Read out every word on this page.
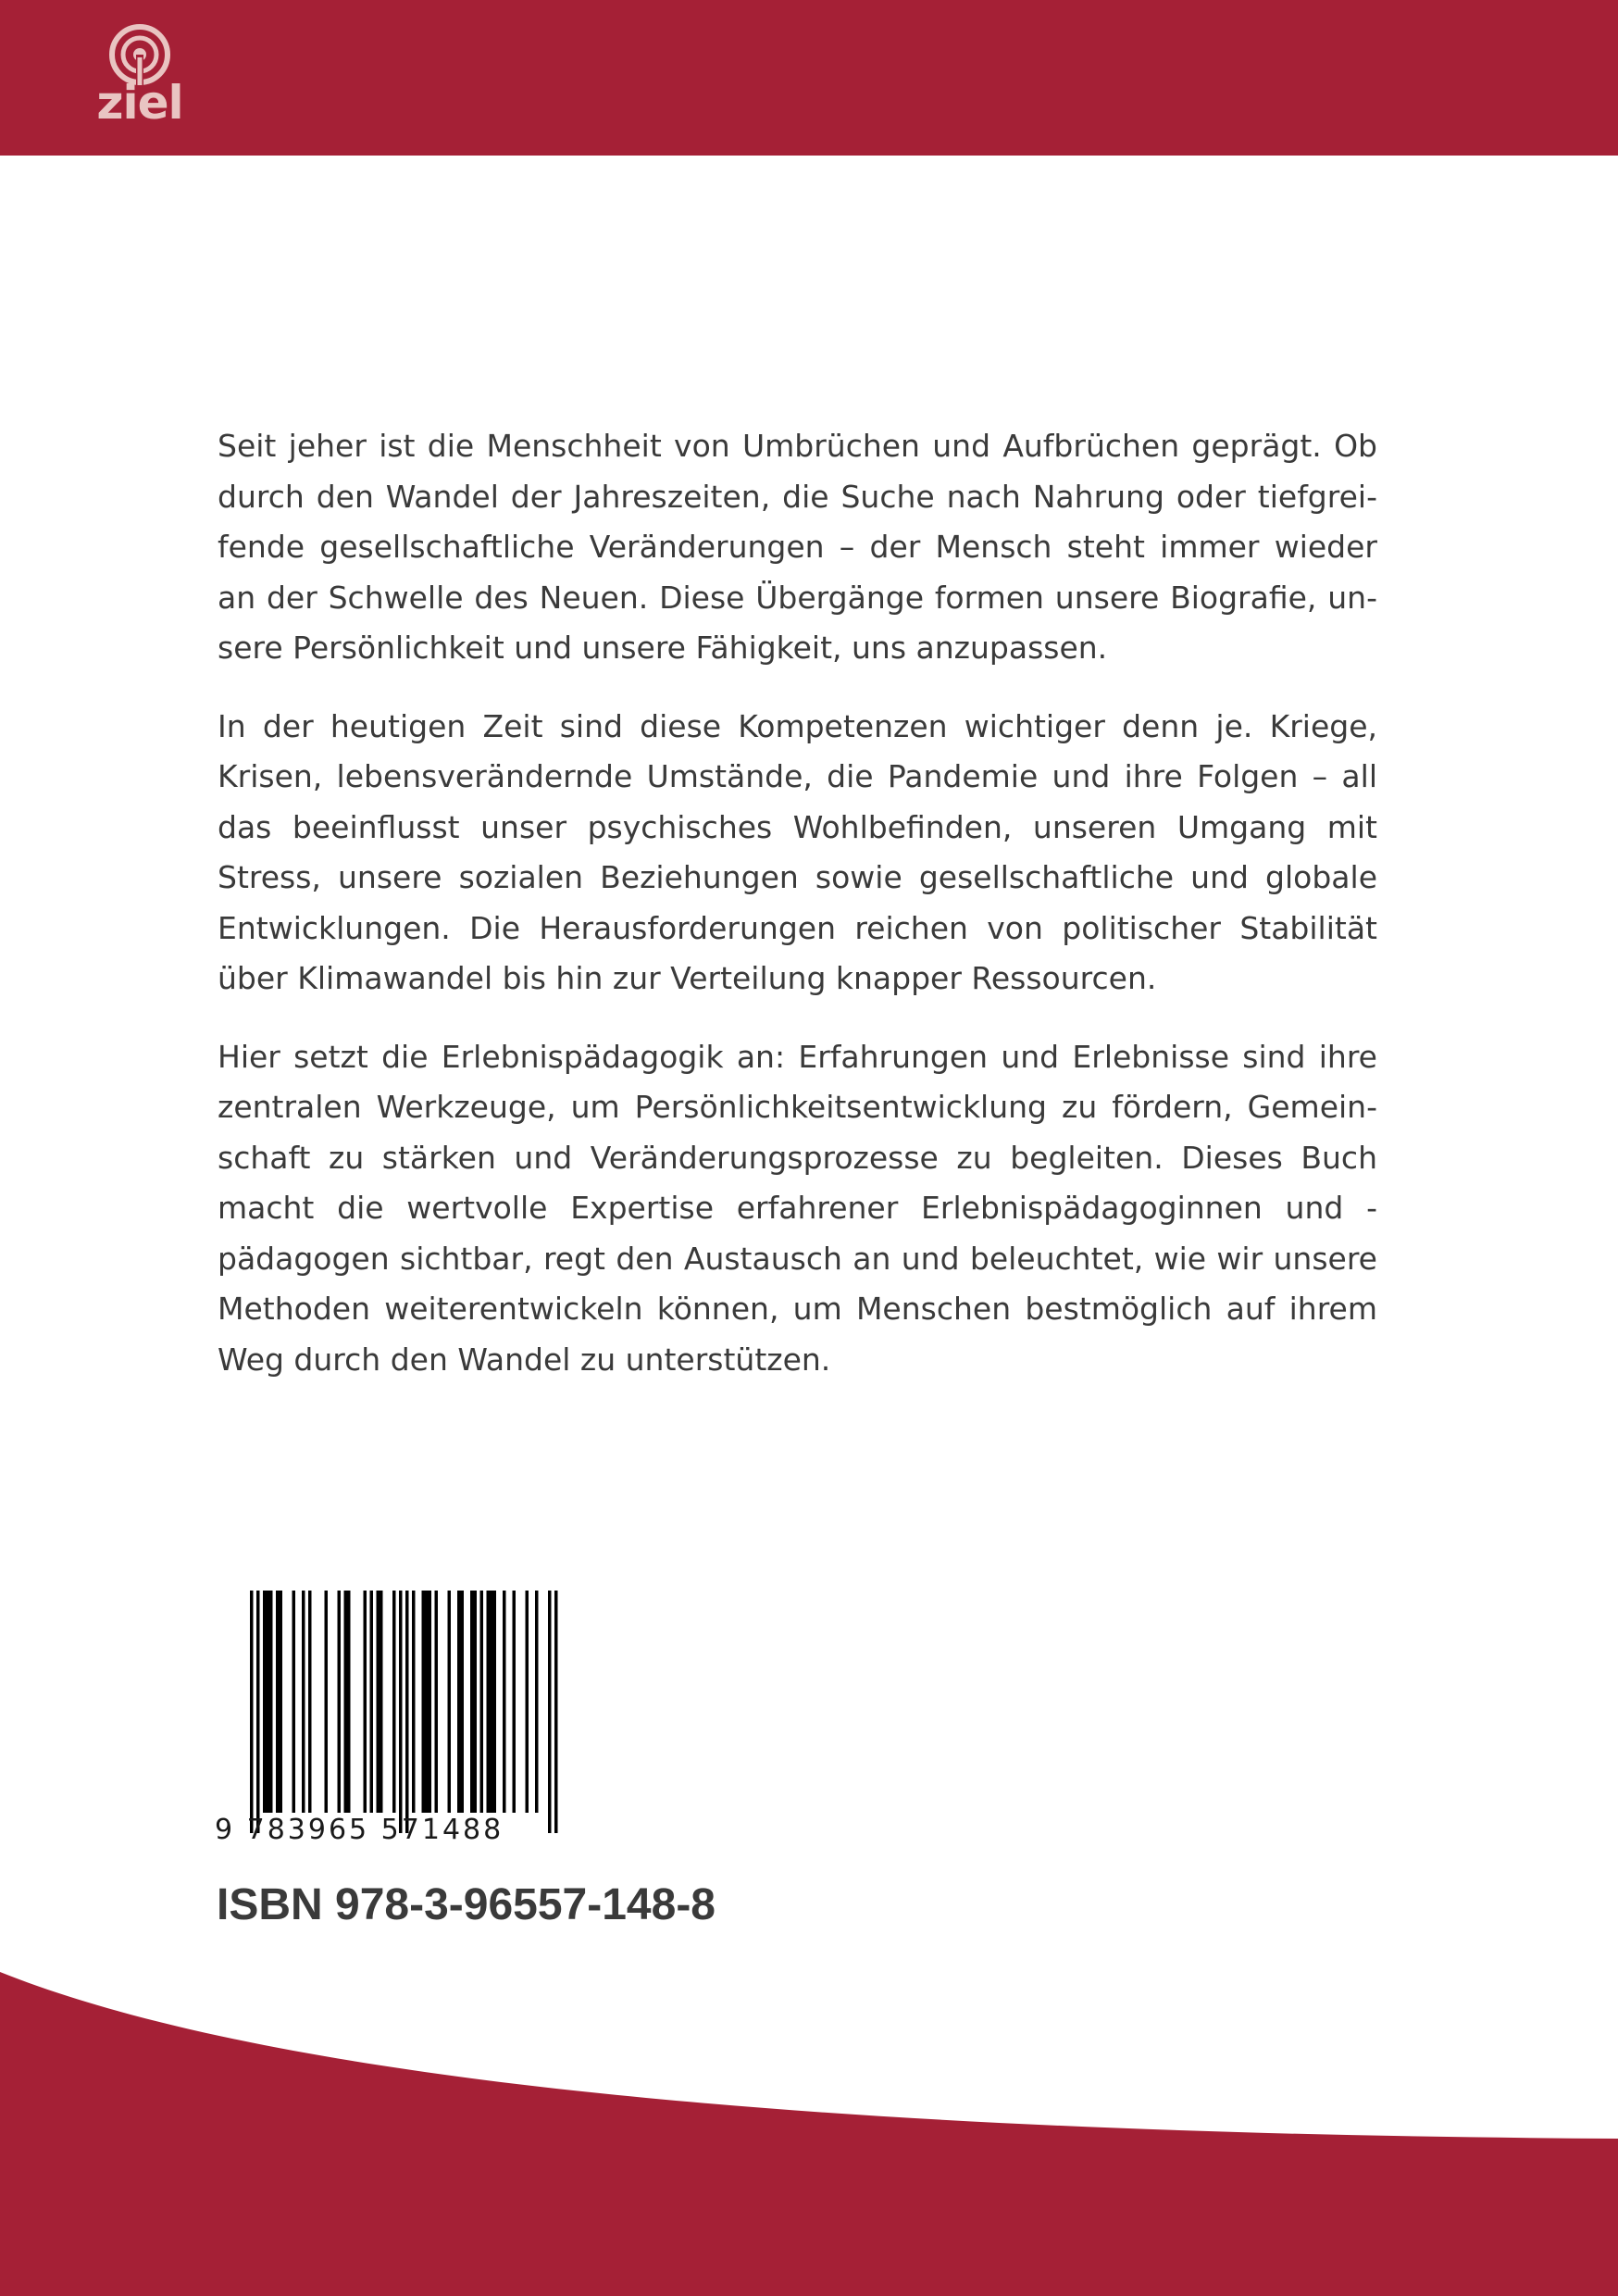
ziel

Seit jeher ist die Menschheit von Umbrüchen und Aufbrüchen geprägt. Ob durch den Wandel der Jahreszeiten, die Suche nach Nahrung oder tiefgreifende gesellschaftliche Veränderungen – der Mensch steht immer wieder an der Schwelle des Neuen. Diese Übergänge formen unsere Biografie, unsere Persönlichkeit und unsere Fähigkeit, uns anzupassen.

In der heutigen Zeit sind diese Kompetenzen wichtiger denn je. Kriege, Krisen, lebensverändernde Umstände, die Pandemie und ihre Folgen – all das beeinflusst unser psychisches Wohlbefinden, unseren Umgang mit Stress, unsere sozialen Beziehungen sowie gesellschaftliche und globale Entwicklungen. Die Herausforderungen reichen von politischer Stabilität über Klimawandel bis hin zur Verteilung knapper Ressourcen.

Hier setzt die Erlebnispädagogik an: Erfahrungen und Erlebnisse sind ihre zentralen Werkzeuge, um Persönlichkeitsentwicklung zu fördern, Gemeinschaft zu stärken und Veränderungsprozesse zu begleiten. Dieses Buch macht die wertvolle Expertise erfahrener Erlebnispädagoginnen und -pädagogen sichtbar, regt den Austausch an und beleuchtet, wie wir unsere Methoden weiterentwickeln können, um Menschen bestmöglich auf ihrem Weg durch den Wandel zu unterstützen.

9 783965 571488
ISBN 978-3-96557-148-8
